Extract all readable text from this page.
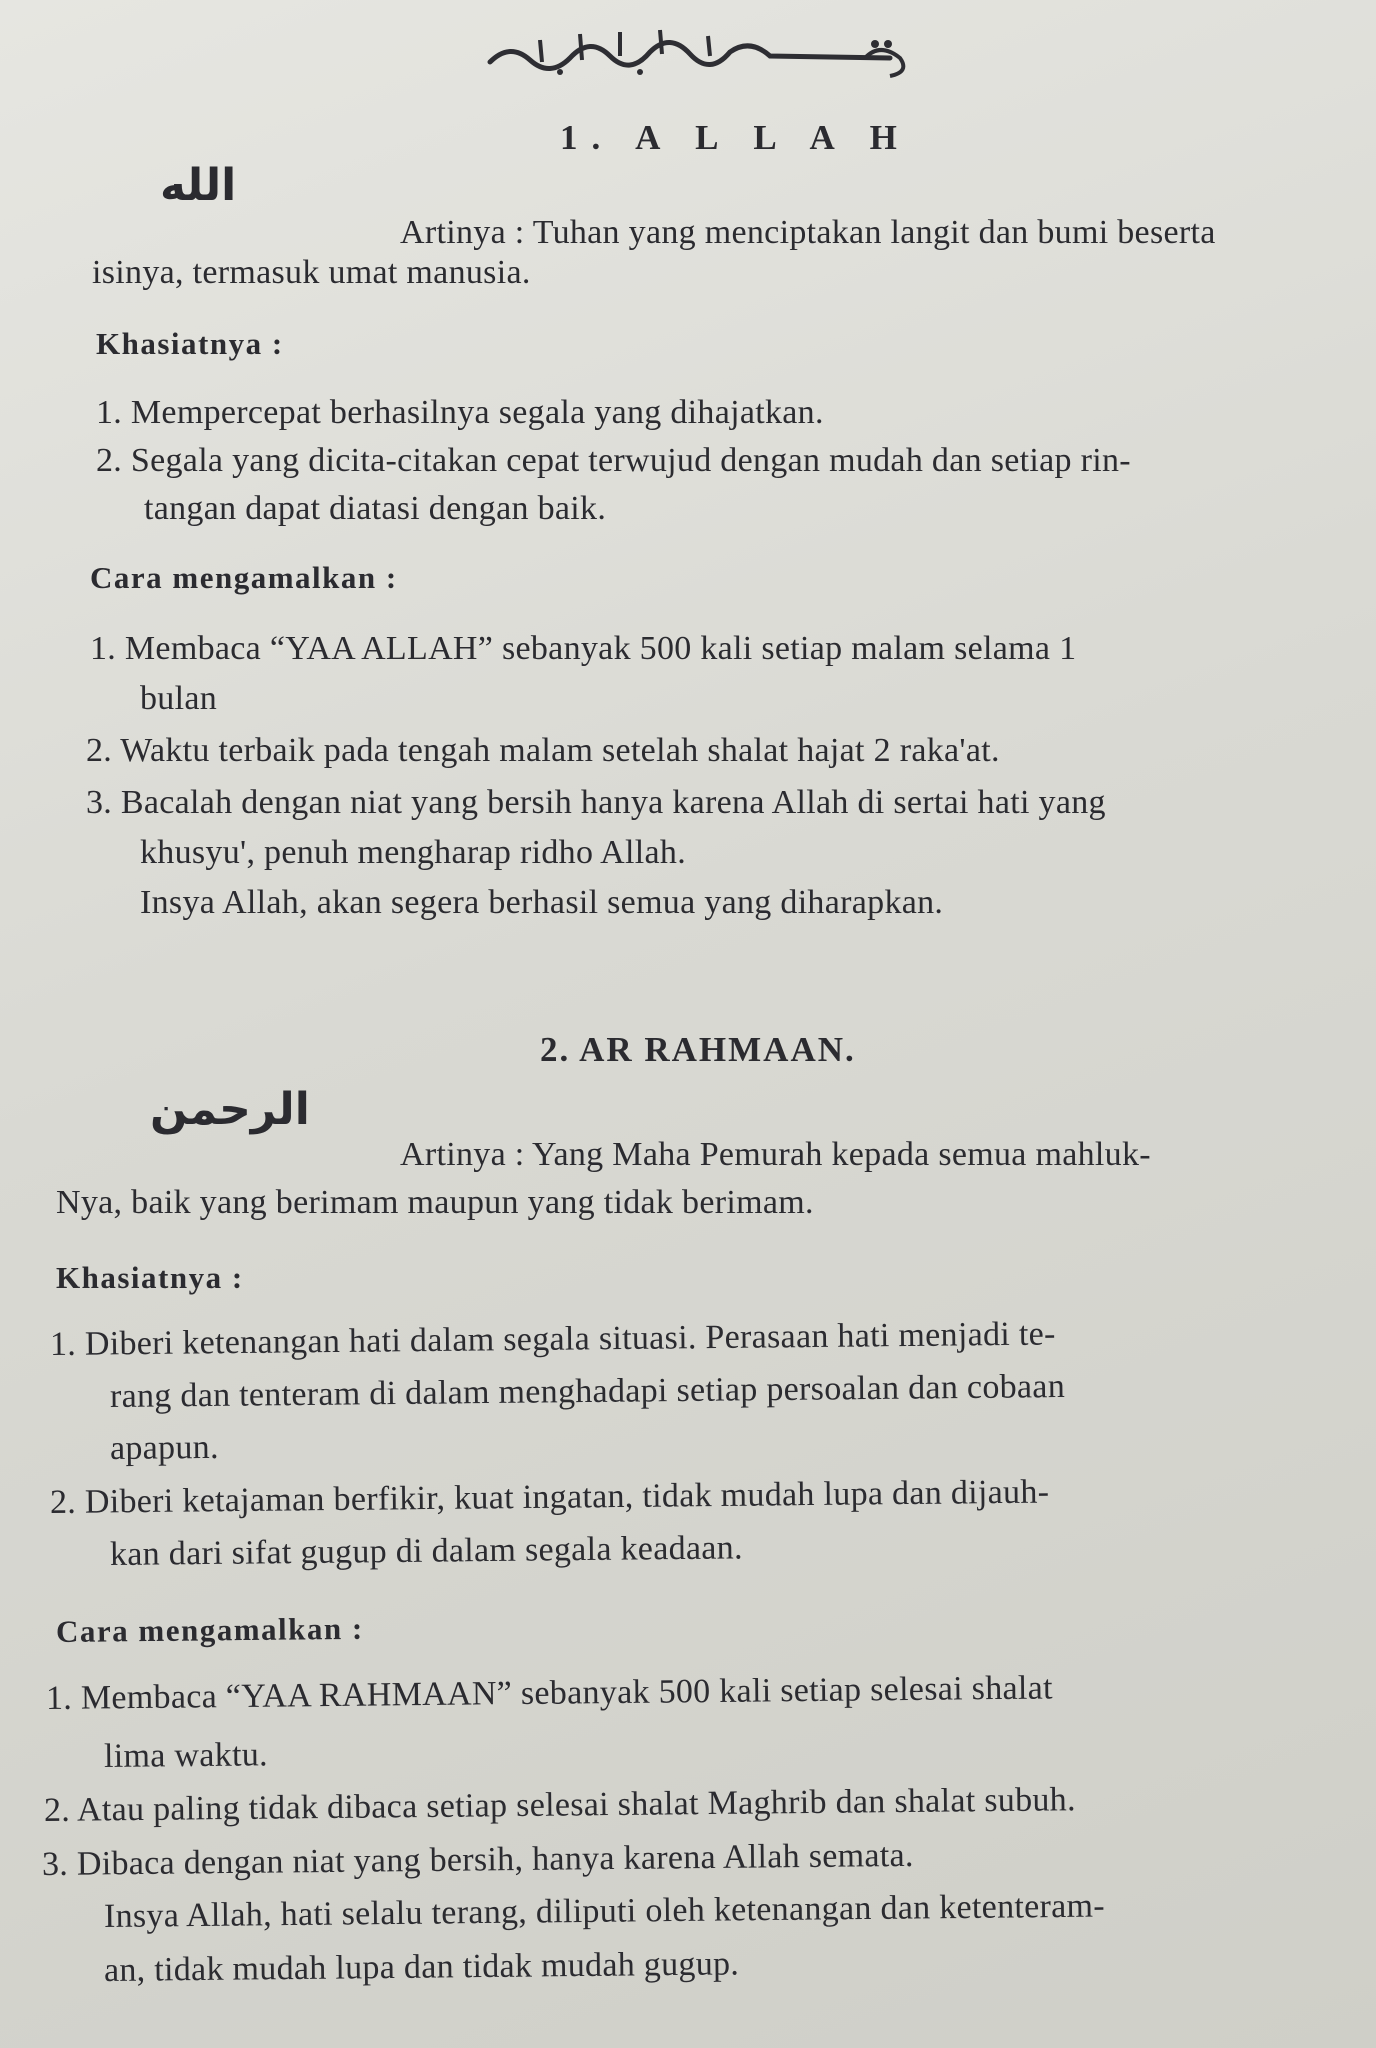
1. A L L A H
الله
Artinya : Tuhan yang menciptakan langit dan bumi beserta
isinya, termasuk umat manusia.
Khasiatnya :
1. Mempercepat berhasilnya segala yang dihajatkan.
2. Segala yang dicita-citakan cepat terwujud dengan mudah dan setiap rin-
tangan dapat diatasi dengan baik.
Cara mengamalkan :
1. Membaca “YAA ALLAH” sebanyak 500 kali setiap malam selama 1
bulan
2. Waktu terbaik pada tengah malam setelah shalat hajat 2 raka'at.
3. Bacalah dengan niat yang bersih hanya karena Allah di sertai hati yang
khusyu', penuh mengharap ridho Allah.
Insya Allah, akan segera berhasil semua yang diharapkan.
2. AR RAHMAAN.
الرحمن
Artinya : Yang Maha Pemurah kepada semua mahluk-
Nya, baik yang berimam maupun yang tidak berimam.
Khasiatnya :
1. Diberi ketenangan hati dalam segala situasi. Perasaan hati menjadi te-
rang dan tenteram di dalam menghadapi setiap persoalan dan cobaan
apapun.
2. Diberi ketajaman berfikir, kuat ingatan, tidak mudah lupa dan dijauh-
kan dari sifat gugup di dalam segala keadaan.
Cara mengamalkan :
1. Membaca “YAA RAHMAAN” sebanyak 500 kali setiap selesai shalat
lima waktu.
2. Atau paling tidak dibaca setiap selesai shalat Maghrib dan shalat subuh.
3. Dibaca dengan niat yang bersih, hanya karena Allah semata.
Insya Allah, hati selalu terang, diliputi oleh ketenangan dan ketenteram-
an, tidak mudah lupa dan tidak mudah gugup.
